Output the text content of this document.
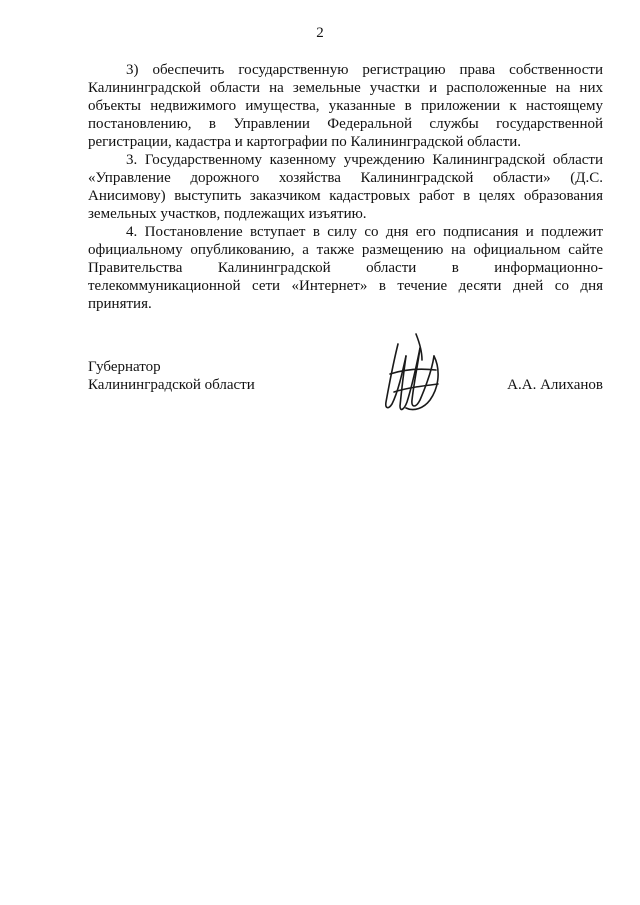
2

3) обеспечить государственную регистрацию права собственности Калининградской области на земельные участки и расположенные на них объекты недвижимого имущества, указанные в приложении к настоящему постановлению, в Управлении Федеральной службы государственной регистрации, кадастра и картографии по Калининградской области.

3. Государственному казенному учреждению Калининградской области «Управление дорожного хозяйства Калининградской области» (Д.С. Анисимову) выступить заказчиком кадастровых работ в целях образования земельных участков, подлежащих изъятию.

4. Постановление вступает в силу со дня его подписания и подлежит официальному опубликованию, а также размещению на официальном сайте Правительства Калининградской области в информационно-телекоммуникационной сети «Интернет» в течение десяти дней со дня принятия.

Губернатор
Калининградской области	А.А. Алиханов
